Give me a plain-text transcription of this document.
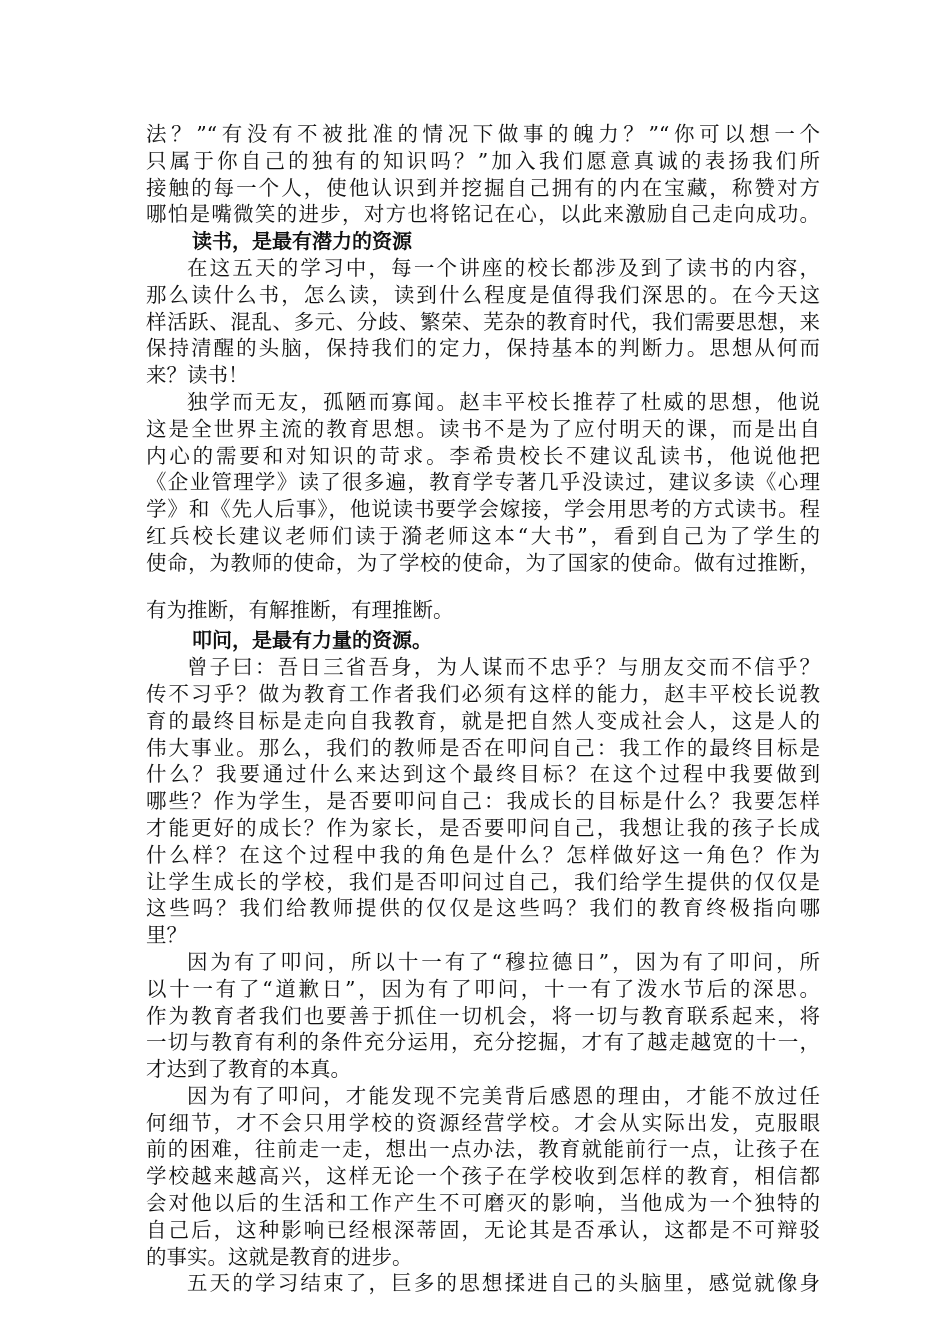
法？”“有没有不被批准的情况下做事的魄力？”“你可以想一个
只属于你自己的独有的知识吗？”加入我们愿意真诚的表扬我们所
接触的每一个人，使他认识到并挖掘自己拥有的内在宝藏，称赞对方
哪怕是嘴微笑的进步，对方也将铭记在心，以此来激励自己走向成功。
读书，是最有潜力的资源
在这五天的学习中，每一个讲座的校长都涉及到了读书的内容，
那么读什么书，怎么读，读到什么程度是值得我们深思的。在今天这
样活跃、混乱、多元、分歧、繁荣、芜杂的教育时代，我们需要思想，来
保持清醒的头脑，保持我们的定力，保持基本的判断力。思想从何而
来？读书！
独学而无友，孤陋而寡闻。赵丰平校长推荐了杜威的思想，他说
这是全世界主流的教育思想。读书不是为了应付明天的课，而是出自
内心的需要和对知识的苛求。李希贵校长不建议乱读书，他说他把
《企业管理学》读了很多遍，教育学专著几乎没读过，建议多读《心理
学》和《先人后事》，他说读书要学会嫁接，学会用思考的方式读书。程
红兵校长建议老师们读于漪老师这本“大书”，看到自己为了学生的
使命，为教师的使命，为了学校的使命，为了国家的使命。做有过推断，
有为推断，有解推断，有理推断。
叩问，是最有力量的资源。
曾子曰：吾日三省吾身，为人谋而不忠乎？与朋友交而不信乎？
传不习乎？做为教育工作者我们必须有这样的能力，赵丰平校长说教
育的最终目标是走向自我教育，就是把自然人变成社会人，这是人的
伟大事业。那么，我们的教师是否在叩问自己：我工作的最终目标是
什么？我要通过什么来达到这个最终目标？在这个过程中我要做到
哪些？作为学生，是否要叩问自己：我成长的目标是什么？我要怎样
才能更好的成长？作为家长，是否要叩问自己，我想让我的孩子长成
什么样？在这个过程中我的角色是什么？怎样做好这一角色？作为
让学生成长的学校，我们是否叩问过自己，我们给学生提供的仅仅是
这些吗？我们给教师提供的仅仅是这些吗？我们的教育终极指向哪
里？
因为有了叩问，所以十一有了“穆拉德日”，因为有了叩问，所
以十一有了“道歉日”，因为有了叩问，十一有了泼水节后的深思。
作为教育者我们也要善于抓住一切机会，将一切与教育联系起来，将
一切与教育有利的条件充分运用，充分挖掘，才有了越走越宽的十一，
才达到了教育的本真。
因为有了叩问，才能发现不完美背后感恩的理由，才能不放过任
何细节，才不会只用学校的资源经营学校。才会从实际出发，克服眼
前的困难，往前走一走，想出一点办法，教育就能前行一点，让孩子在
学校越来越高兴，这样无论一个孩子在学校收到怎样的教育，相信都
会对他以后的生活和工作产生不可磨灭的影响，当他成为一个独特的
自己后，这种影响已经根深蒂固，无论其是否承认，这都是不可辩驳
的事实。这就是教育的进步。
五天的学习结束了，巨多的思想揉进自己的头脑里，感觉就像身
